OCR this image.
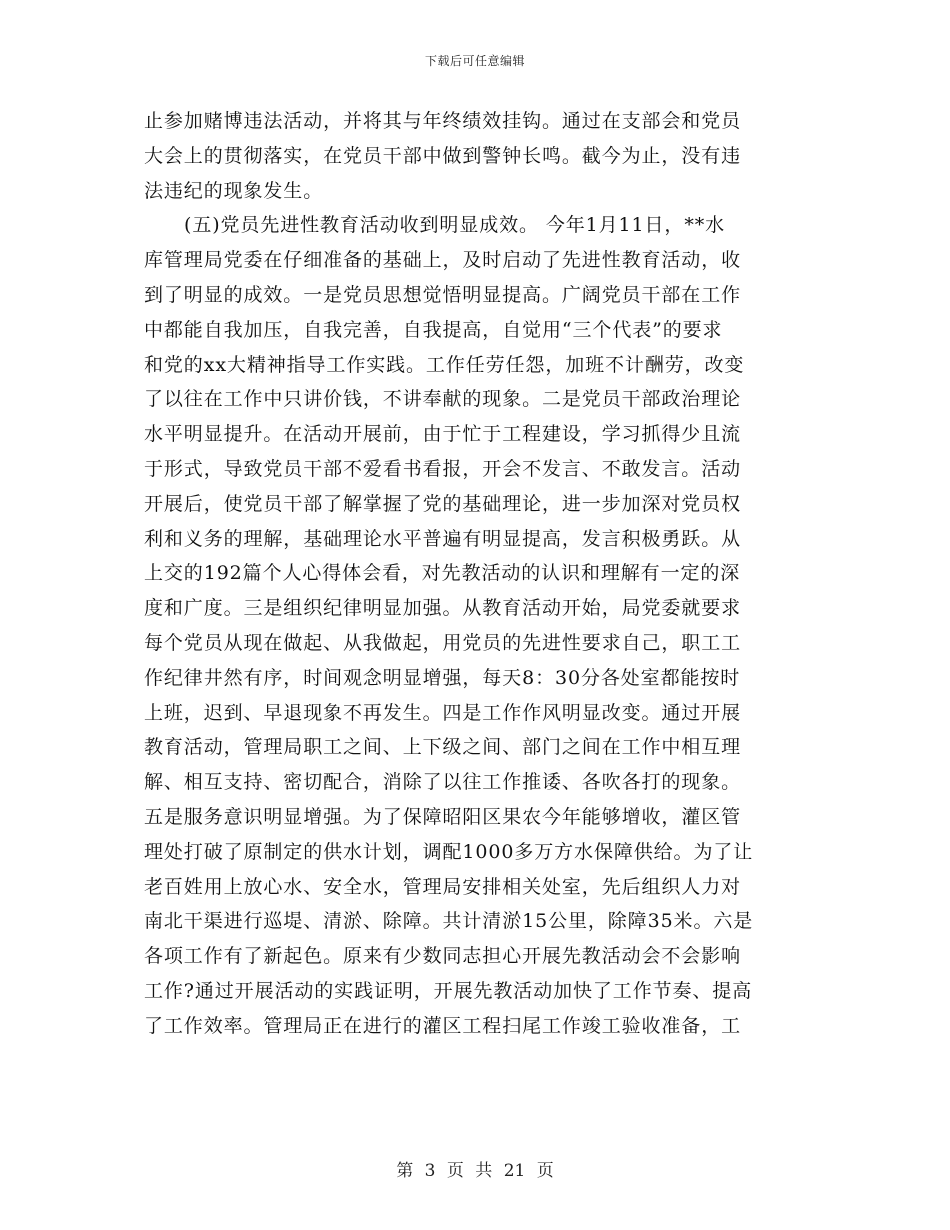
下载后可任意编辑
止参加赌博违法活动，并将其与年终绩效挂钩。通过在支部会和党员
大会上的贯彻落实，在党员干部中做到警钟长鸣。截今为止，没有违
法违纪的现象发生。
(五)党员先进性教育活动收到明显成效。 今年1月11日，**水
库管理局党委在仔细准备的基础上，及时启动了先进性教育活动，收
到了明显的成效。一是党员思想觉悟明显提高。广阔党员干部在工作
中都能自我加压，自我完善，自我提高，自觉用“三个代表”的要求
和党的xx大精神指导工作实践。工作任劳任怨，加班不计酬劳，改变
了以往在工作中只讲价钱，不讲奉献的现象。二是党员干部政治理论
水平明显提升。在活动开展前，由于忙于工程建设，学习抓得少且流
于形式，导致党员干部不爱看书看报，开会不发言、不敢发言。活动
开展后，使党员干部了解掌握了党的基础理论，进一步加深对党员权
利和义务的理解，基础理论水平普遍有明显提高，发言积极勇跃。从
上交的192篇个人心得体会看，对先教活动的认识和理解有一定的深
度和广度。三是组织纪律明显加强。从教育活动开始，局党委就要求
每个党员从现在做起、从我做起，用党员的先进性要求自己，职工工
作纪律井然有序，时间观念明显增强，每天8：30分各处室都能按时
上班，迟到、早退现象不再发生。四是工作作风明显改变。通过开展
教育活动，管理局职工之间、上下级之间、部门之间在工作中相互理
解、相互支持、密切配合，消除了以往工作推诿、各吹各打的现象。
五是服务意识明显增强。为了保障昭阳区果农今年能够增收，灌区管
理处打破了原制定的供水计划，调配1000多万方水保障供给。为了让
老百姓用上放心水、安全水，管理局安排相关处室，先后组织人力对
南北干渠进行巡堤、清淤、除障。共计清淤15公里，除障35米。六是
各项工作有了新起色。原来有少数同志担心开展先教活动会不会影响
工作?通过开展活动的实践证明，开展先教活动加快了工作节奏、提高
了工作效率。管理局正在进行的灌区工程扫尾工作竣工验收准备，工
第 3 页 共 21 页
